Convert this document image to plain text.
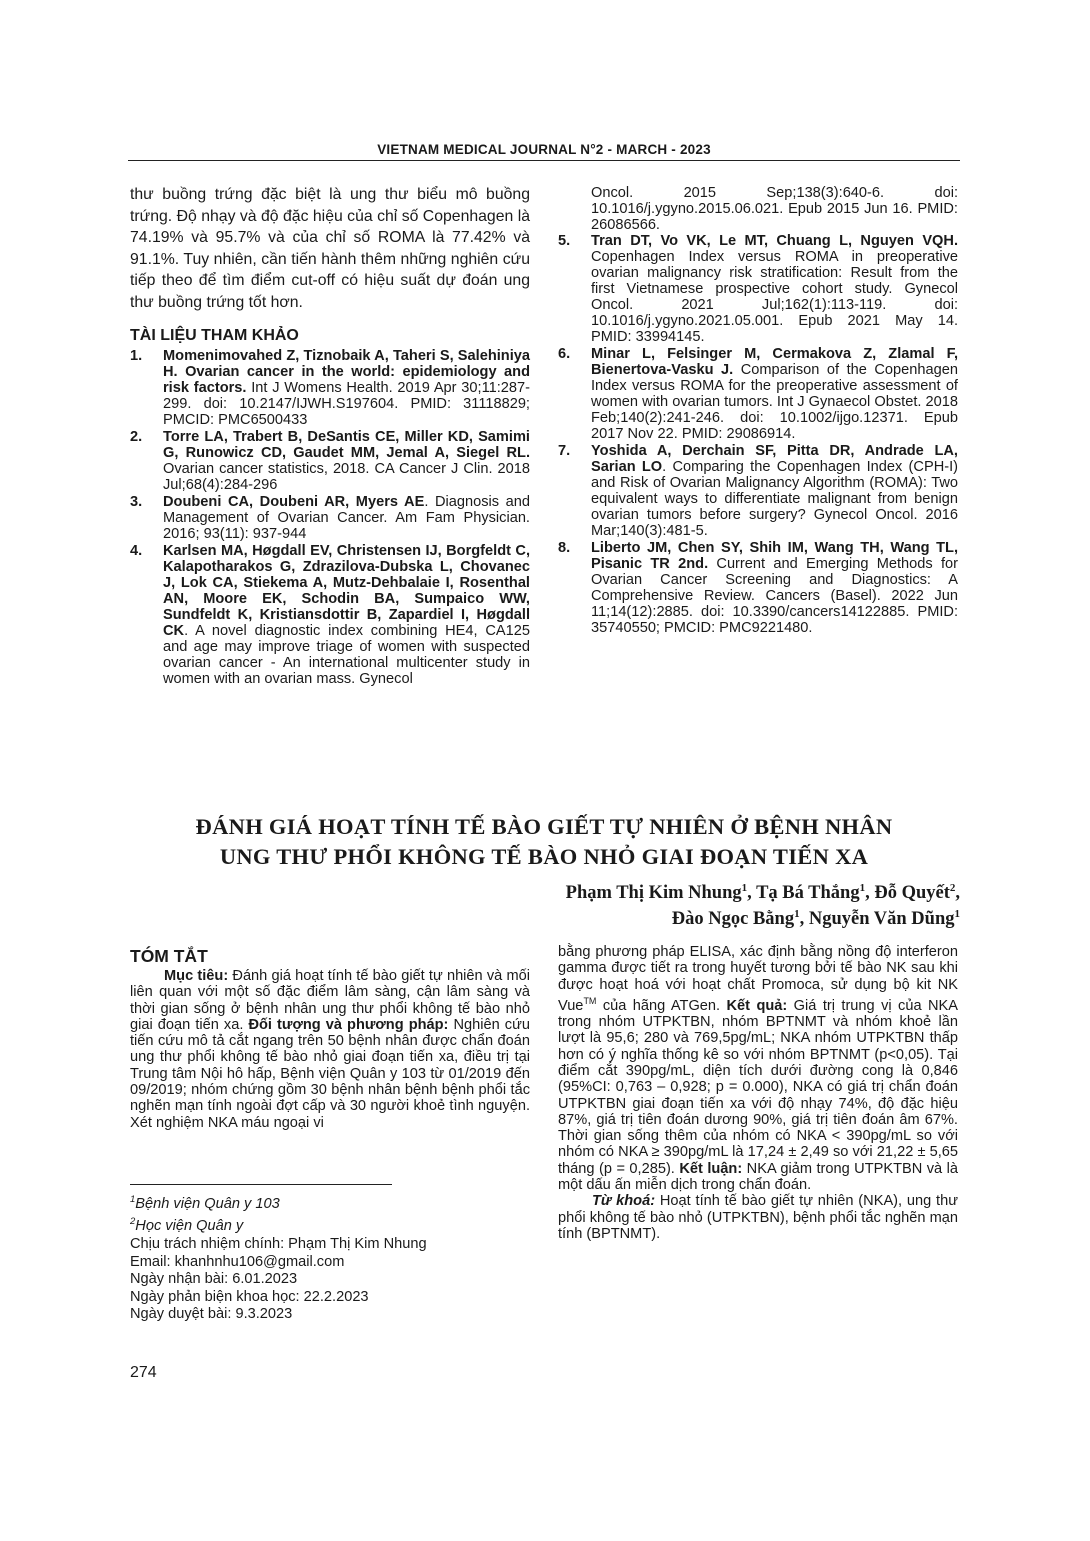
VIETNAM MEDICAL JOURNAL N°2 - MARCH - 2023
thư buồng trứng đặc biệt là ung thư biểu mô buồng trứng. Độ nhạy và độ đặc hiệu của chỉ số Copenhagen là 74.19% và 95.7% và của chỉ số ROMA là 77.42% và 91.1%. Tuy nhiên, cần tiến hành thêm những nghiên cứu tiếp theo để tìm điểm cut-off có hiệu suất dự đoán ung thư buồng trứng tốt hơn.
TÀI LIỆU THAM KHẢO
1. Momenimovahed Z, Tiznobaik A, Taheri S, Salehiniya H. Ovarian cancer in the world: epidemiology and risk factors. Int J Womens Health. 2019 Apr 30;11:287-299. doi: 10.2147/IJWH.S197604. PMID: 31118829; PMCID: PMC6500433
2. Torre LA, Trabert B, DeSantis CE, Miller KD, Samimi G, Runowicz CD, Gaudet MM, Jemal A, Siegel RL. Ovarian cancer statistics, 2018. CA Cancer J Clin. 2018 Jul;68(4):284-296
3. Doubeni CA, Doubeni AR, Myers AE. Diagnosis and Management of Ovarian Cancer. Am Fam Physician. 2016; 93(11): 937-944
4. Karlsen MA, Høgdall EV, Christensen IJ, Borgfeldt C, Kalapotharakos G, Zdrazilova-Dubska L, Chovanec J, Lok CA, Stiekema A, Mutz-Dehbalaie I, Rosenthal AN, Moore EK, Schodin BA, Sumpaico WW, Sundfeldt K, Kristiansdottir B, Zapardiel I, Høgdall CK. A novel diagnostic index combining HE4, CA125 and age may improve triage of women with suspected ovarian cancer - An international multicenter study in women with an ovarian mass. Gynecol
Oncol. 2015 Sep;138(3):640-6. doi: 10.1016/j.ygyno.2015.06.021. Epub 2015 Jun 16. PMID: 26086566.
5. Tran DT, Vo VK, Le MT, Chuang L, Nguyen VQH. Copenhagen Index versus ROMA in preoperative ovarian malignancy risk stratification: Result from the first Vietnamese prospective cohort study. Gynecol Oncol. 2021 Jul;162(1):113-119. doi: 10.1016/j.ygyno.2021.05.001. Epub 2021 May 14. PMID: 33994145.
6. Minar L, Felsinger M, Cermakova Z, Zlamal F, Bienertova-Vasku J. Comparison of the Copenhagen Index versus ROMA for the preoperative assessment of women with ovarian tumors. Int J Gynaecol Obstet. 2018 Feb;140(2):241-246. doi: 10.1002/ijgo.12371. Epub 2017 Nov 22. PMID: 29086914.
7. Yoshida A, Derchain SF, Pitta DR, Andrade LA, Sarian LO. Comparing the Copenhagen Index (CPH-I) and Risk of Ovarian Malignancy Algorithm (ROMA): Two equivalent ways to differentiate malignant from benign ovarian tumors before surgery? Gynecol Oncol. 2016 Mar;140(3):481-5.
8. Liberto JM, Chen SY, Shih IM, Wang TH, Wang TL, Pisanic TR 2nd. Current and Emerging Methods for Ovarian Cancer Screening and Diagnostics: A Comprehensive Review. Cancers (Basel). 2022 Jun 11;14(12):2885. doi: 10.3390/cancers14122885. PMID: 35740550; PMCID: PMC9221480.
ĐÁNH GIÁ HOẠT TÍNH TẾ BÀO GIẾT TỰ NHIÊN Ở BỆNH NHÂN
UNG THƯ PHỔI KHÔNG TẾ BÀO NHỎ GIAI ĐOẠN TIẾN XA
Phạm Thị Kim Nhung$^1$, Tạ Bá Thắng$^1$, Đỗ Quyết$^2$,
Đào Ngọc Bằng$^1$, Nguyễn Văn Dũng$^1$
TÓM TẮT

Mục tiêu: Đánh giá hoạt tính tế bào giết tự nhiên và mối liên quan với một số đặc điểm lâm sàng, cận lâm sàng và thời gian sống ở bệnh nhân ung thư phổi không tế bào nhỏ giai đoạn tiến xa. Đối tượng và phương pháp: Nghiên cứu tiến cứu mô tả cắt ngang trên 50 bệnh nhân được chẩn đoán ung thư phổi không tế bào nhỏ giai đoạn tiến xa, điều trị tại Trung tâm Nội hô hấp, Bệnh viện Quân y 103 từ 01/2019 đến 09/2019; nhóm chứng gồm 30 bệnh nhân bệnh bệnh phổi tắc nghẽn mạn tính ngoài đợt cấp và 30 người khoẻ tình nguyện. Xét nghiệm NKA máu ngoại vi

bằng phương pháp ELISA, xác định bằng nồng độ interferon gamma được tiết ra trong huyết tương bởi tế bào NK sau khi được hoạt hoá với hoạt chất Promoca, sử dụng bộ kit NK Vue™ của hãng ATGen. Kết quả: Giá trị trung vị của NKA trong nhóm UTPKTBN, nhóm BPTNMT và nhóm khoẻ lần lượt là 95,6; 280 và 769,5pg/mL; NKA nhóm UTPKTBN thấp hơn có ý nghĩa thống kê so với nhóm BPTNMT (p<0,05). Tại điểm cắt 390pg/mL, diện tích dưới đường cong là 0,846 (95%CI: 0,763 – 0,928; p = 0.000), NKA có giá trị chẩn đoán UTPKTBN giai đoạn tiến xa với độ nhạy 74%, độ đặc hiệu 87%, giá trị tiên đoán dương 90%, giá trị tiên đoán âm 67%. Thời gian sống thêm của nhóm có NKA < 390pg/mL so với nhóm có NKA ≥ 390pg/mL là 17,24 ± 2,49 so với 21,22 ± 5,65 tháng (p = 0,285). Kết luận: NKA giảm trong UTPKTBN và là một dấu ấn miễn dịch trong chẩn đoán.

Từ khoá: Hoạt tính tế bào giết tự nhiên (NKA), ung thư phổi không tế bào nhỏ (UTPKTBN), bệnh phổi tắc nghẽn mạn tính (BPTNMT).

$^1$Bệnh viện Quân y 103
$^2$Học viện Quân y
Chịu trách nhiệm chính: Phạm Thị Kim Nhung
Email: khanhnhu106@gmail.com
Ngày nhận bài: 6.01.2023
Ngày phản biện khoa học: 22.2.2023
Ngày duyệt bài: 9.3.2023
274
